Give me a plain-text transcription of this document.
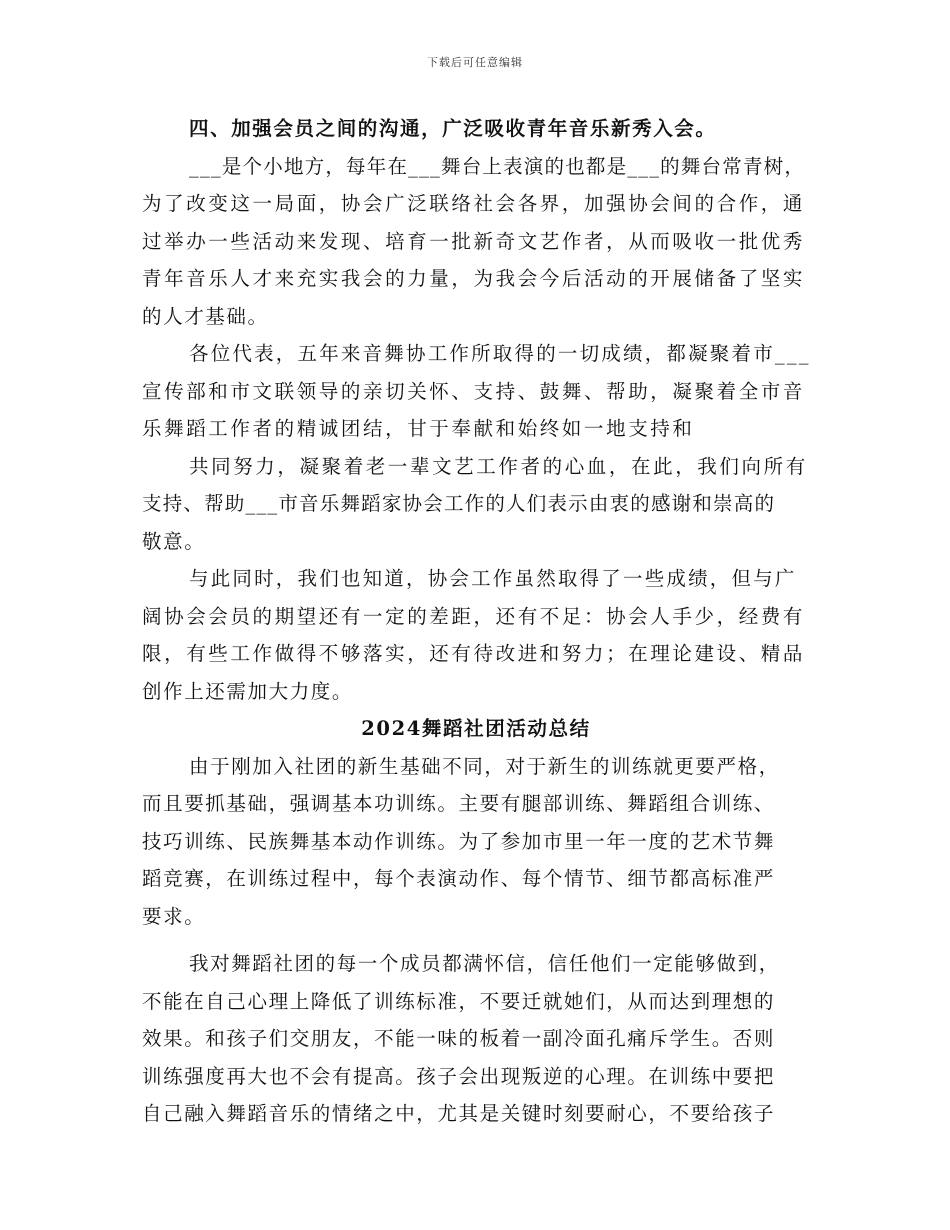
下载后可任意编辑
四、加强会员之间的沟通，广泛吸收青年音乐新秀入会。
___是个小地方，每年在___舞台上表演的也都是___的舞台常青树，
为了改变这一局面，协会广泛联络社会各界，加强协会间的合作，通
过举办一些活动来发现、培育一批新奇文艺作者，从而吸收一批优秀
青年音乐人才来充实我会的力量，为我会今后活动的开展储备了坚实
的人才基础。
各位代表，五年来音舞协工作所取得的一切成绩，都凝聚着市___
宣传部和市文联领导的亲切关怀、支持、鼓舞、帮助，凝聚着全市音
乐舞蹈工作者的精诚团结，甘于奉献和始终如一地支持和
共同努力，凝聚着老一辈文艺工作者的心血，在此，我们向所有
支持、帮助___市音乐舞蹈家协会工作的人们表示由衷的感谢和崇高的
敬意。
与此同时，我们也知道，协会工作虽然取得了一些成绩，但与广
阔协会会员的期望还有一定的差距，还有不足：协会人手少，经费有
限，有些工作做得不够落实，还有待改进和努力；在理论建设、精品
创作上还需加大力度。
2024舞蹈社团活动总结
由于刚加入社团的新生基础不同，对于新生的训练就更要严格，
而且要抓基础，强调基本功训练。主要有腿部训练、舞蹈组合训练、
技巧训练、民族舞基本动作训练。为了参加市里一年一度的艺术节舞
蹈竞赛，在训练过程中，每个表演动作、每个情节、细节都高标准严
要求。
我对舞蹈社团的每一个成员都满怀信，信任他们一定能够做到，
不能在自己心理上降低了训练标准，不要迁就她们，从而达到理想的
效果。和孩子们交朋友，不能一味的板着一副冷面孔痛斥学生。否则
训练强度再大也不会有提高。孩子会出现叛逆的心理。在训练中要把
自己融入舞蹈音乐的情绪之中，尤其是关键时刻要耐心，不要给孩子
